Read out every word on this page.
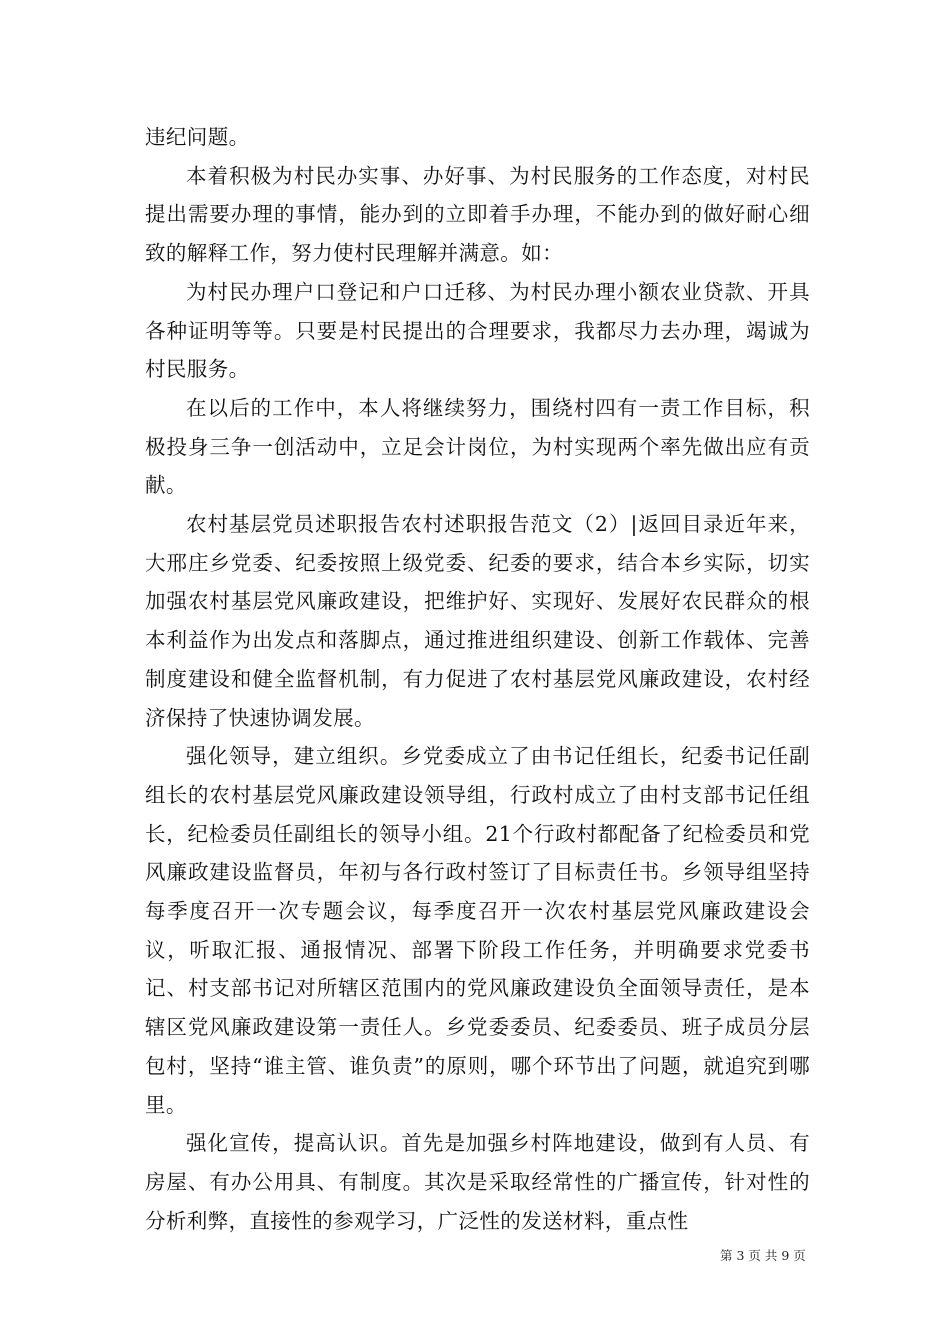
违纪问题。

本着积极为村民办实事、办好事、为村民服务的工作态度，对村民提出需要办理的事情，能办到的立即着手办理，不能办到的做好耐心细致的解释工作，努力使村民理解并满意。如：

为村民办理户口登记和户口迁移、为村民办理小额农业贷款、开具各种证明等等。只要是村民提出的合理要求，我都尽力去办理，竭诚为村民服务。

在以后的工作中，本人将继续努力，围绕村四有一责工作目标，积极投身三争一创活动中，立足会计岗位，为村实现两个率先做出应有贡献。

农村基层党员述职报告农村述职报告范文（2）|返回目录近年来，大邢庄乡党委、纪委按照上级党委、纪委的要求，结合本乡实际，切实加强农村基层党风廉政建设，把维护好、实现好、发展好农民群众的根本利益作为出发点和落脚点，通过推进组织建设、创新工作载体、完善制度建设和健全监督机制，有力促进了农村基层党风廉政建设，农村经济保持了快速协调发展。

强化领导，建立组织。乡党委成立了由书记任组长，纪委书记任副组长的农村基层党风廉政建设领导组，行政村成立了由村支部书记任组长，纪检委员任副组长的领导小组。21个行政村都配备了纪检委员和党风廉政建设监督员，年初与各行政村签订了目标责任书。乡领导组坚持每季度召开一次专题会议，每季度召开一次农村基层党风廉政建设会议，听取汇报、通报情况、部署下阶段工作任务，并明确要求党委书记、村支部书记对所辖区范围内的党风廉政建设负全面领导责任，是本辖区党风廉政建设第一责任人。乡党委委员、纪委委员、班子成员分层包村，坚持“谁主管、谁负责”的原则，哪个环节出了问题，就追究到哪里。

强化宣传，提高认识。首先是加强乡村阵地建设，做到有人员、有房屋、有办公用具、有制度。其次是采取经常性的广播宣传，针对性的分析利弊，直接性的参观学习，广泛性的发送材料，重点性

第 3 页 共 9 页
